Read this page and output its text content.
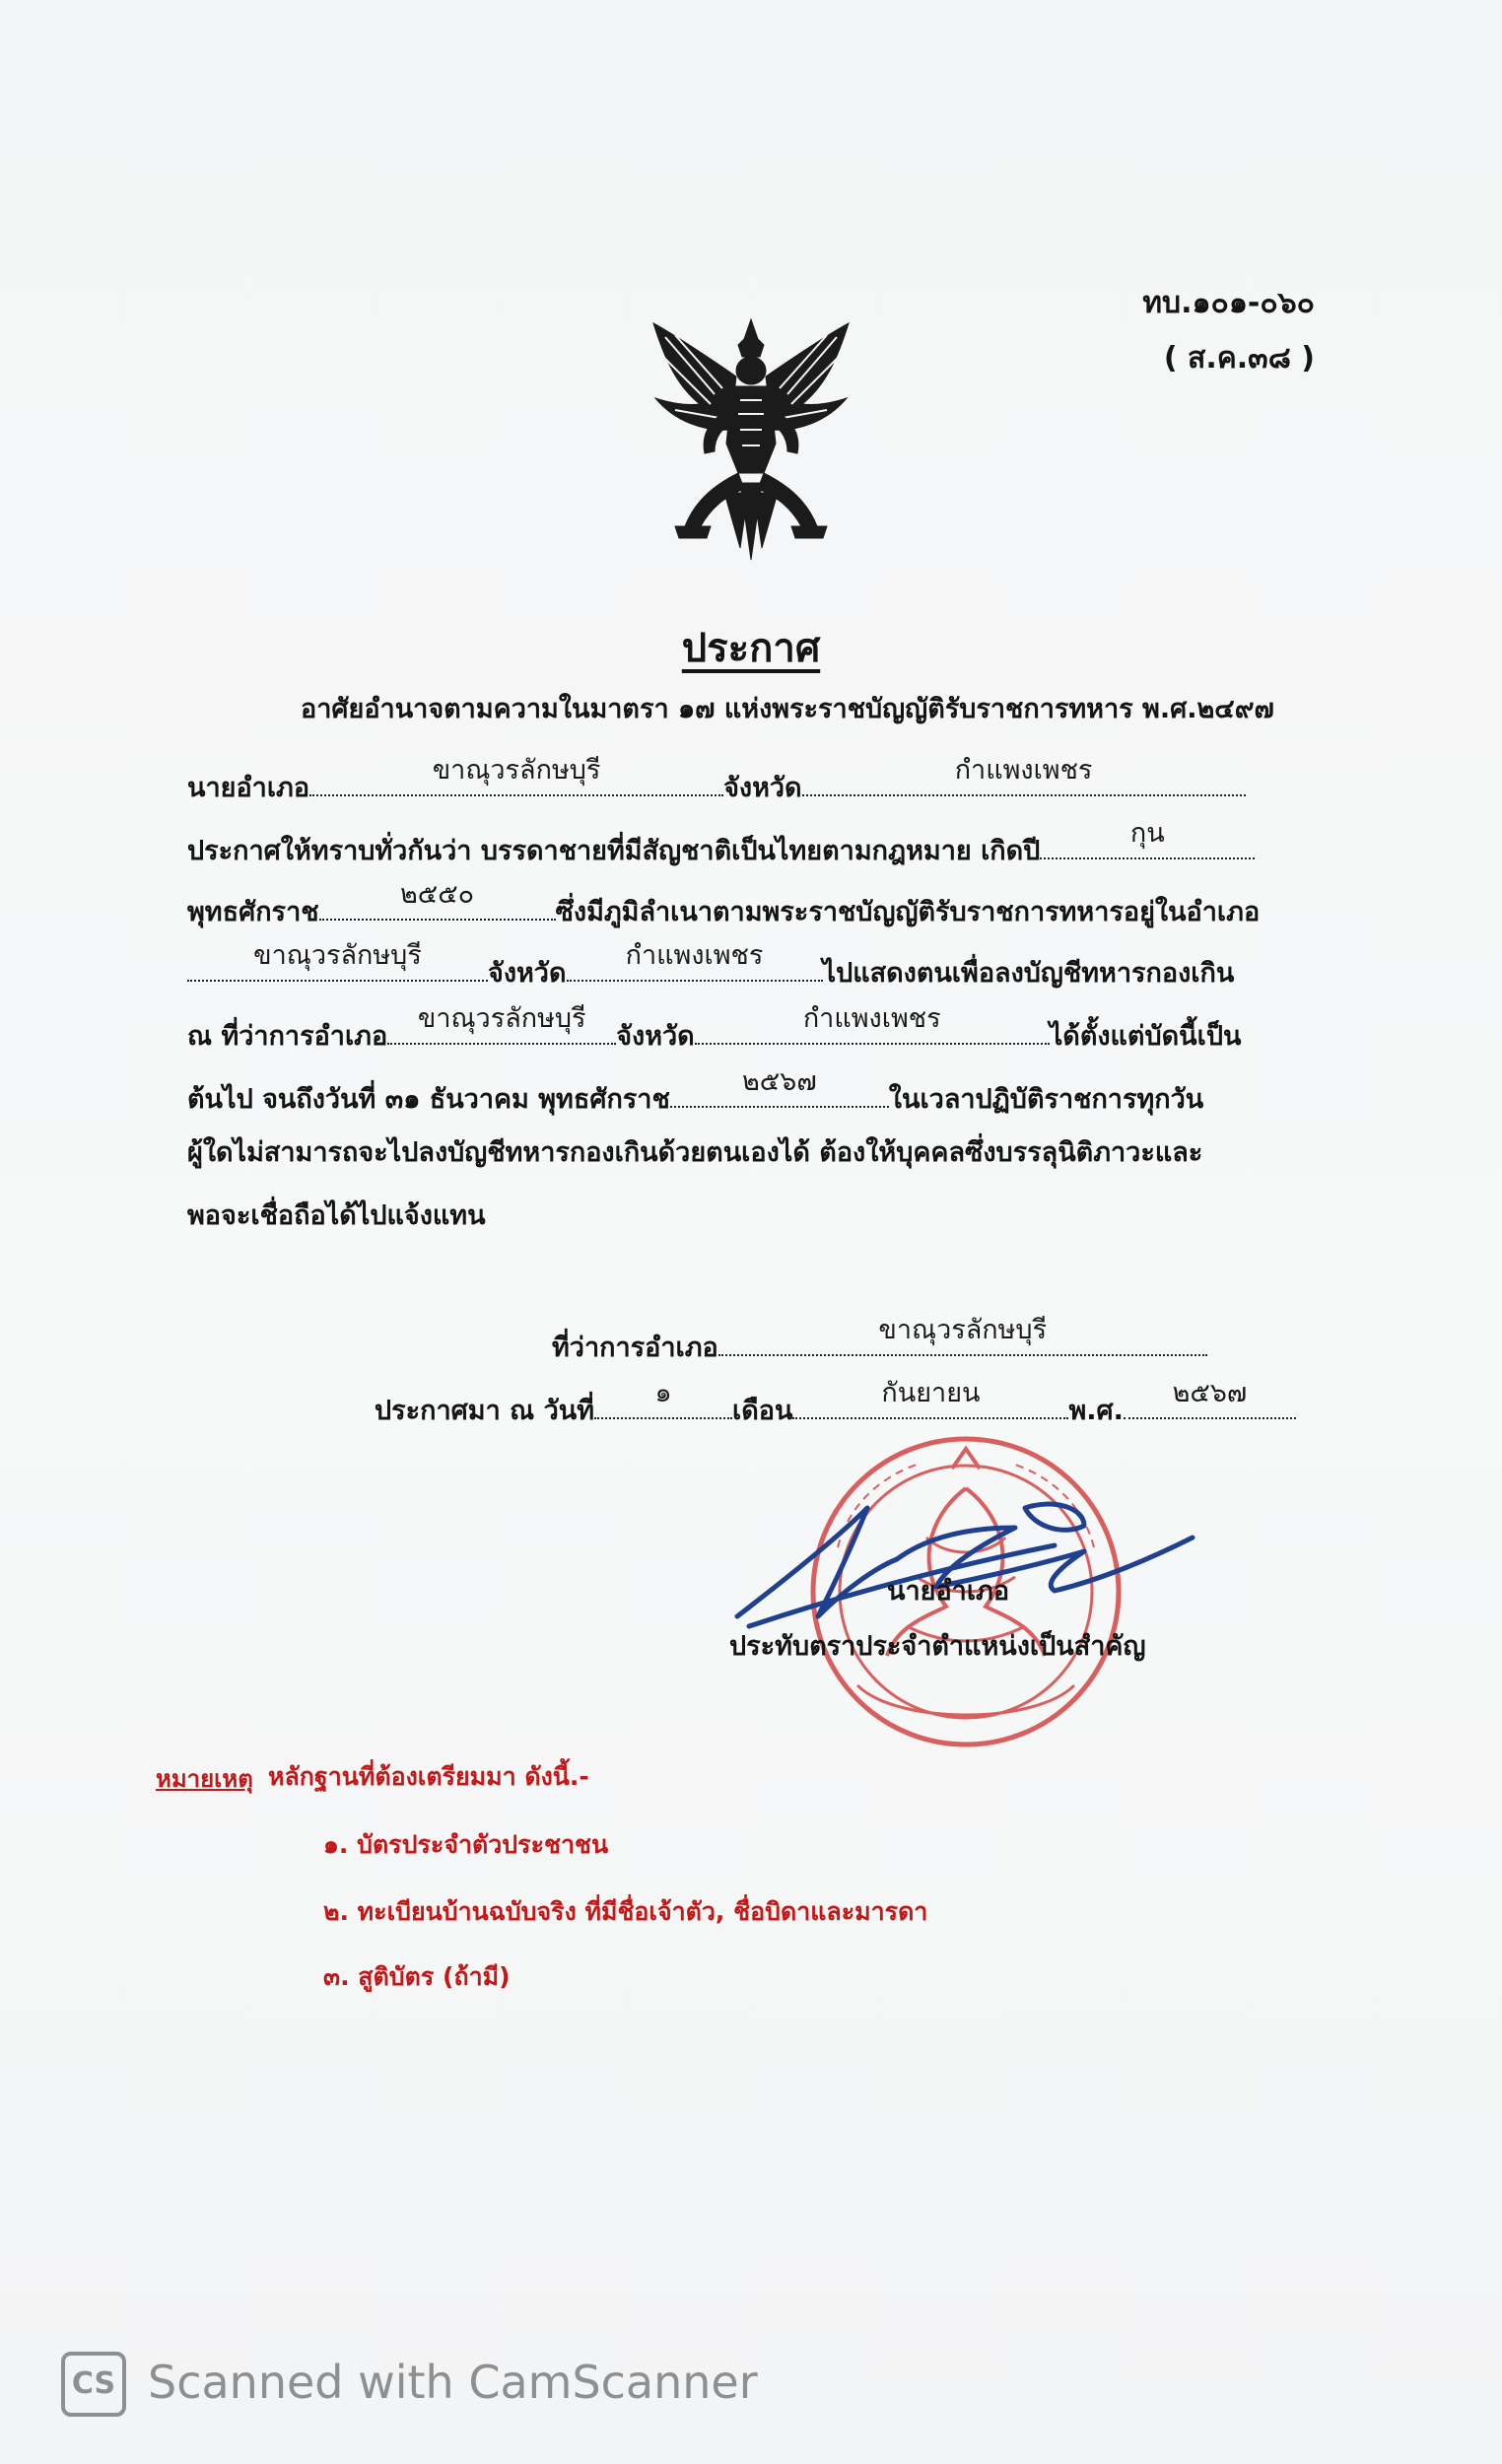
ทบ.๑๐๑-๐๖๐
( ส.ค.๓๘ )
ประกาศ
อาศัยอำนาจตามความในมาตรา ๑๗ แห่งพระราชบัญญัติรับราชการทหาร พ.ศ.๒๔๙๗
นายอำเภอ
ขาณุวรลักษบุรี
จังหวัด
กำแพงเพชร
ประกาศให้ทราบทั่วกันว่า บรรดาชายที่มีสัญชาติเป็นไทยตามกฎหมาย เกิดปี
กุน
พุทธศักราช
๒๕๕๐
ซึ่งมีภูมิลำเนาตามพระราชบัญญัติรับราชการทหารอยู่ในอำเภอ
ขาณุวรลักษบุรี
จังหวัด
กำแพงเพชร
ไปแสดงตนเพื่อลงบัญชีทหารกองเกิน
ณ ที่ว่าการอำเภอ
ขาณุวรลักษบุรี
จังหวัด
กำแพงเพชร
ได้ตั้งแต่บัดนี้เป็น
ต้นไป จนถึงวันที่ ๓๑ ธันวาคม พุทธศักราช
๒๕๖๗
ในเวลาปฏิบัติราชการทุกวัน
ผู้ใดไม่สามารถจะไปลงบัญชีทหารกองเกินด้วยตนเองได้ ต้องให้บุคคลซึ่งบรรลุนิติภาวะและ
พอจะเชื่อถือได้ไปแจ้งแทน
ที่ว่าการอำเภอ
ขาณุวรลักษบุรี
ประกาศมา ณ วันที่
๑
เดือน
กันยายน
พ.ศ.
๒๕๖๗
นายอำเภอ
ประทับตราประจำตำแหน่งเป็นสำคัญ
หมายเหตุ หลักฐานที่ต้องเตรียมมา ดังนี้.-
๑. บัตรประจำตัวประชาชน
๒. ทะเบียนบ้านฉบับจริง ที่มีชื่อเจ้าตัว, ชื่อบิดาและมารดา
๓. สูติบัตร (ถ้ามี)
CS Scanned with CamScanner
